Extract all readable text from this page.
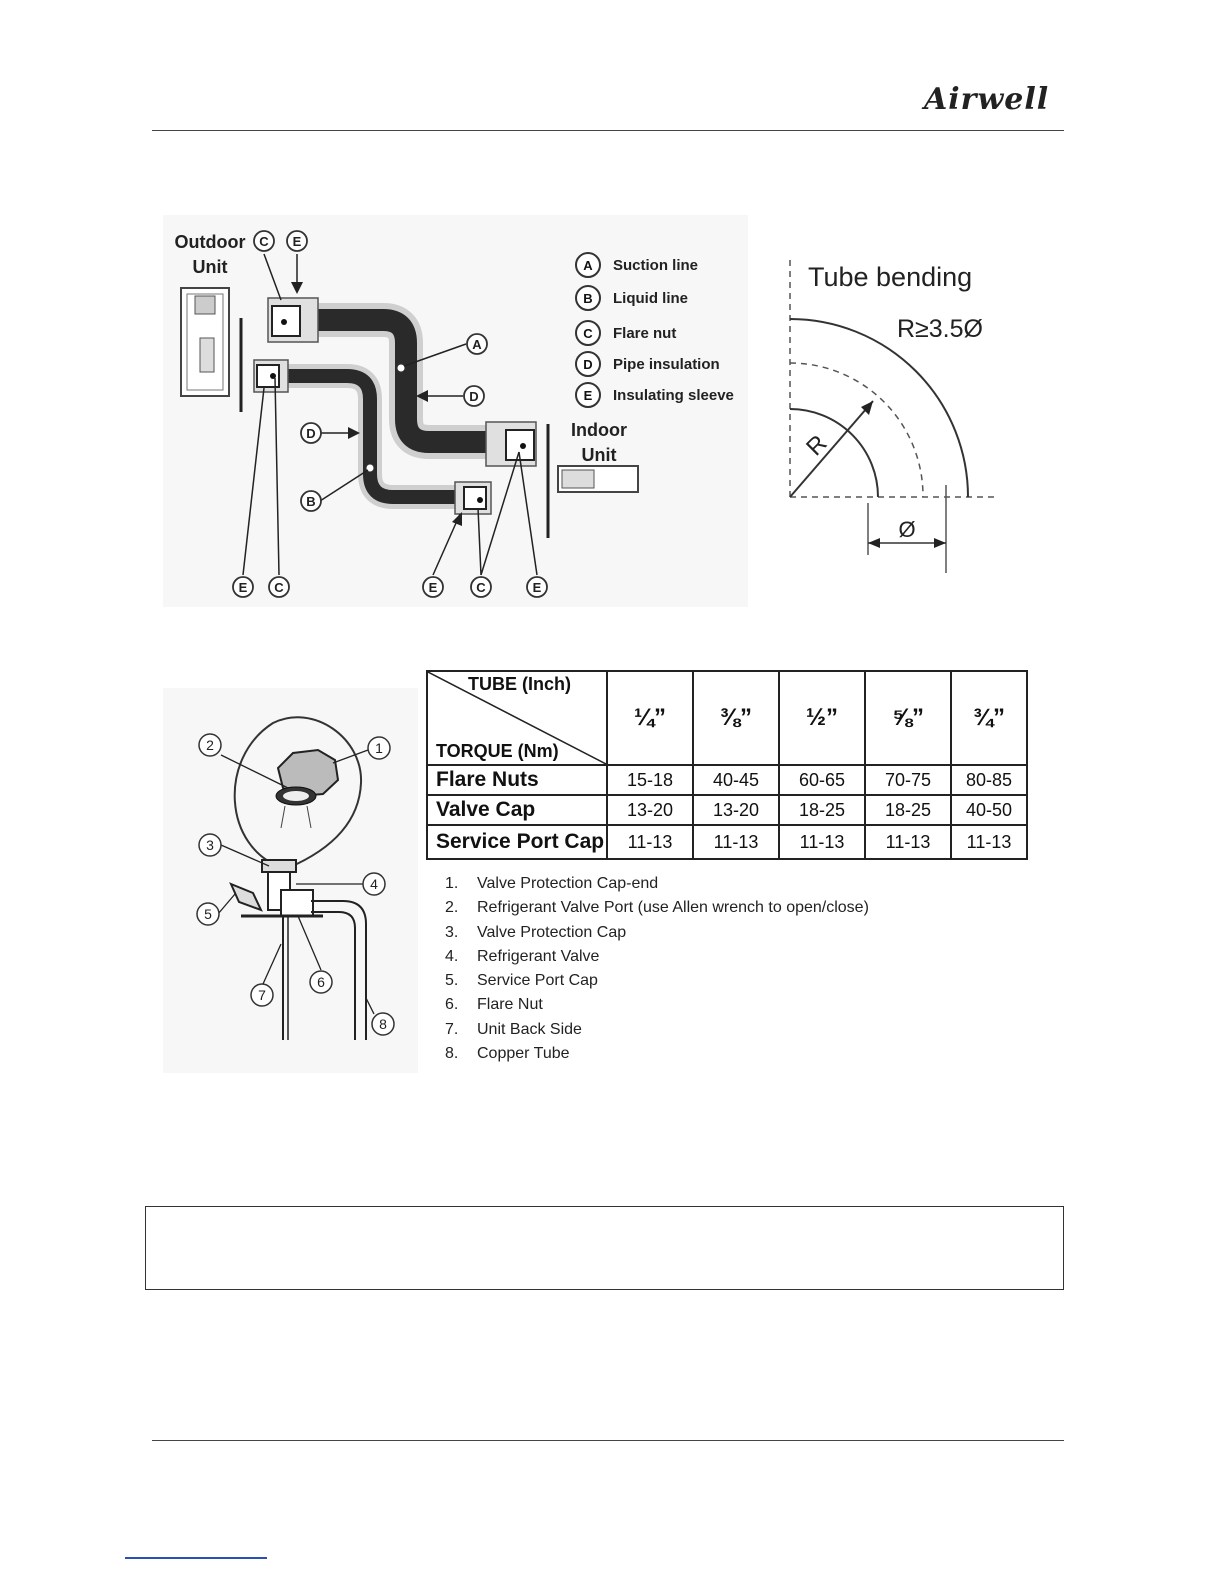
Airwell
C E
A
D
D
B
E C	E	C	E
Outdoor Unit
Indoor Unit
A	Suction line
B	Liquid line
C	Flare nut
D	Pipe insulation
E	Insulating sleeve
R
Ø
Tube bending
R≥3.5Ø
1
2
3
4
5
6
7
8
TUBE (Inch)
TORQUE (Nm)	¼”	⅜”	½”	⅝”	¾”
Flare Nuts	15-18	40-45	60-65	70-75	80-85
Valve Cap	13-20	13-20	18-25	18-25	40-50
Service Port Cap	11-13	11-13	11-13	11-13	11-13
1.	Valve Protection Cap-end
2.	Refrigerant Valve Port (use Allen wrench to open/close)
3.	Valve Protection Cap
4.	Refrigerant Valve
5.	Service Port Cap
6.	Flare Nut
7.	Unit Back Side
8.	Copper Tube
